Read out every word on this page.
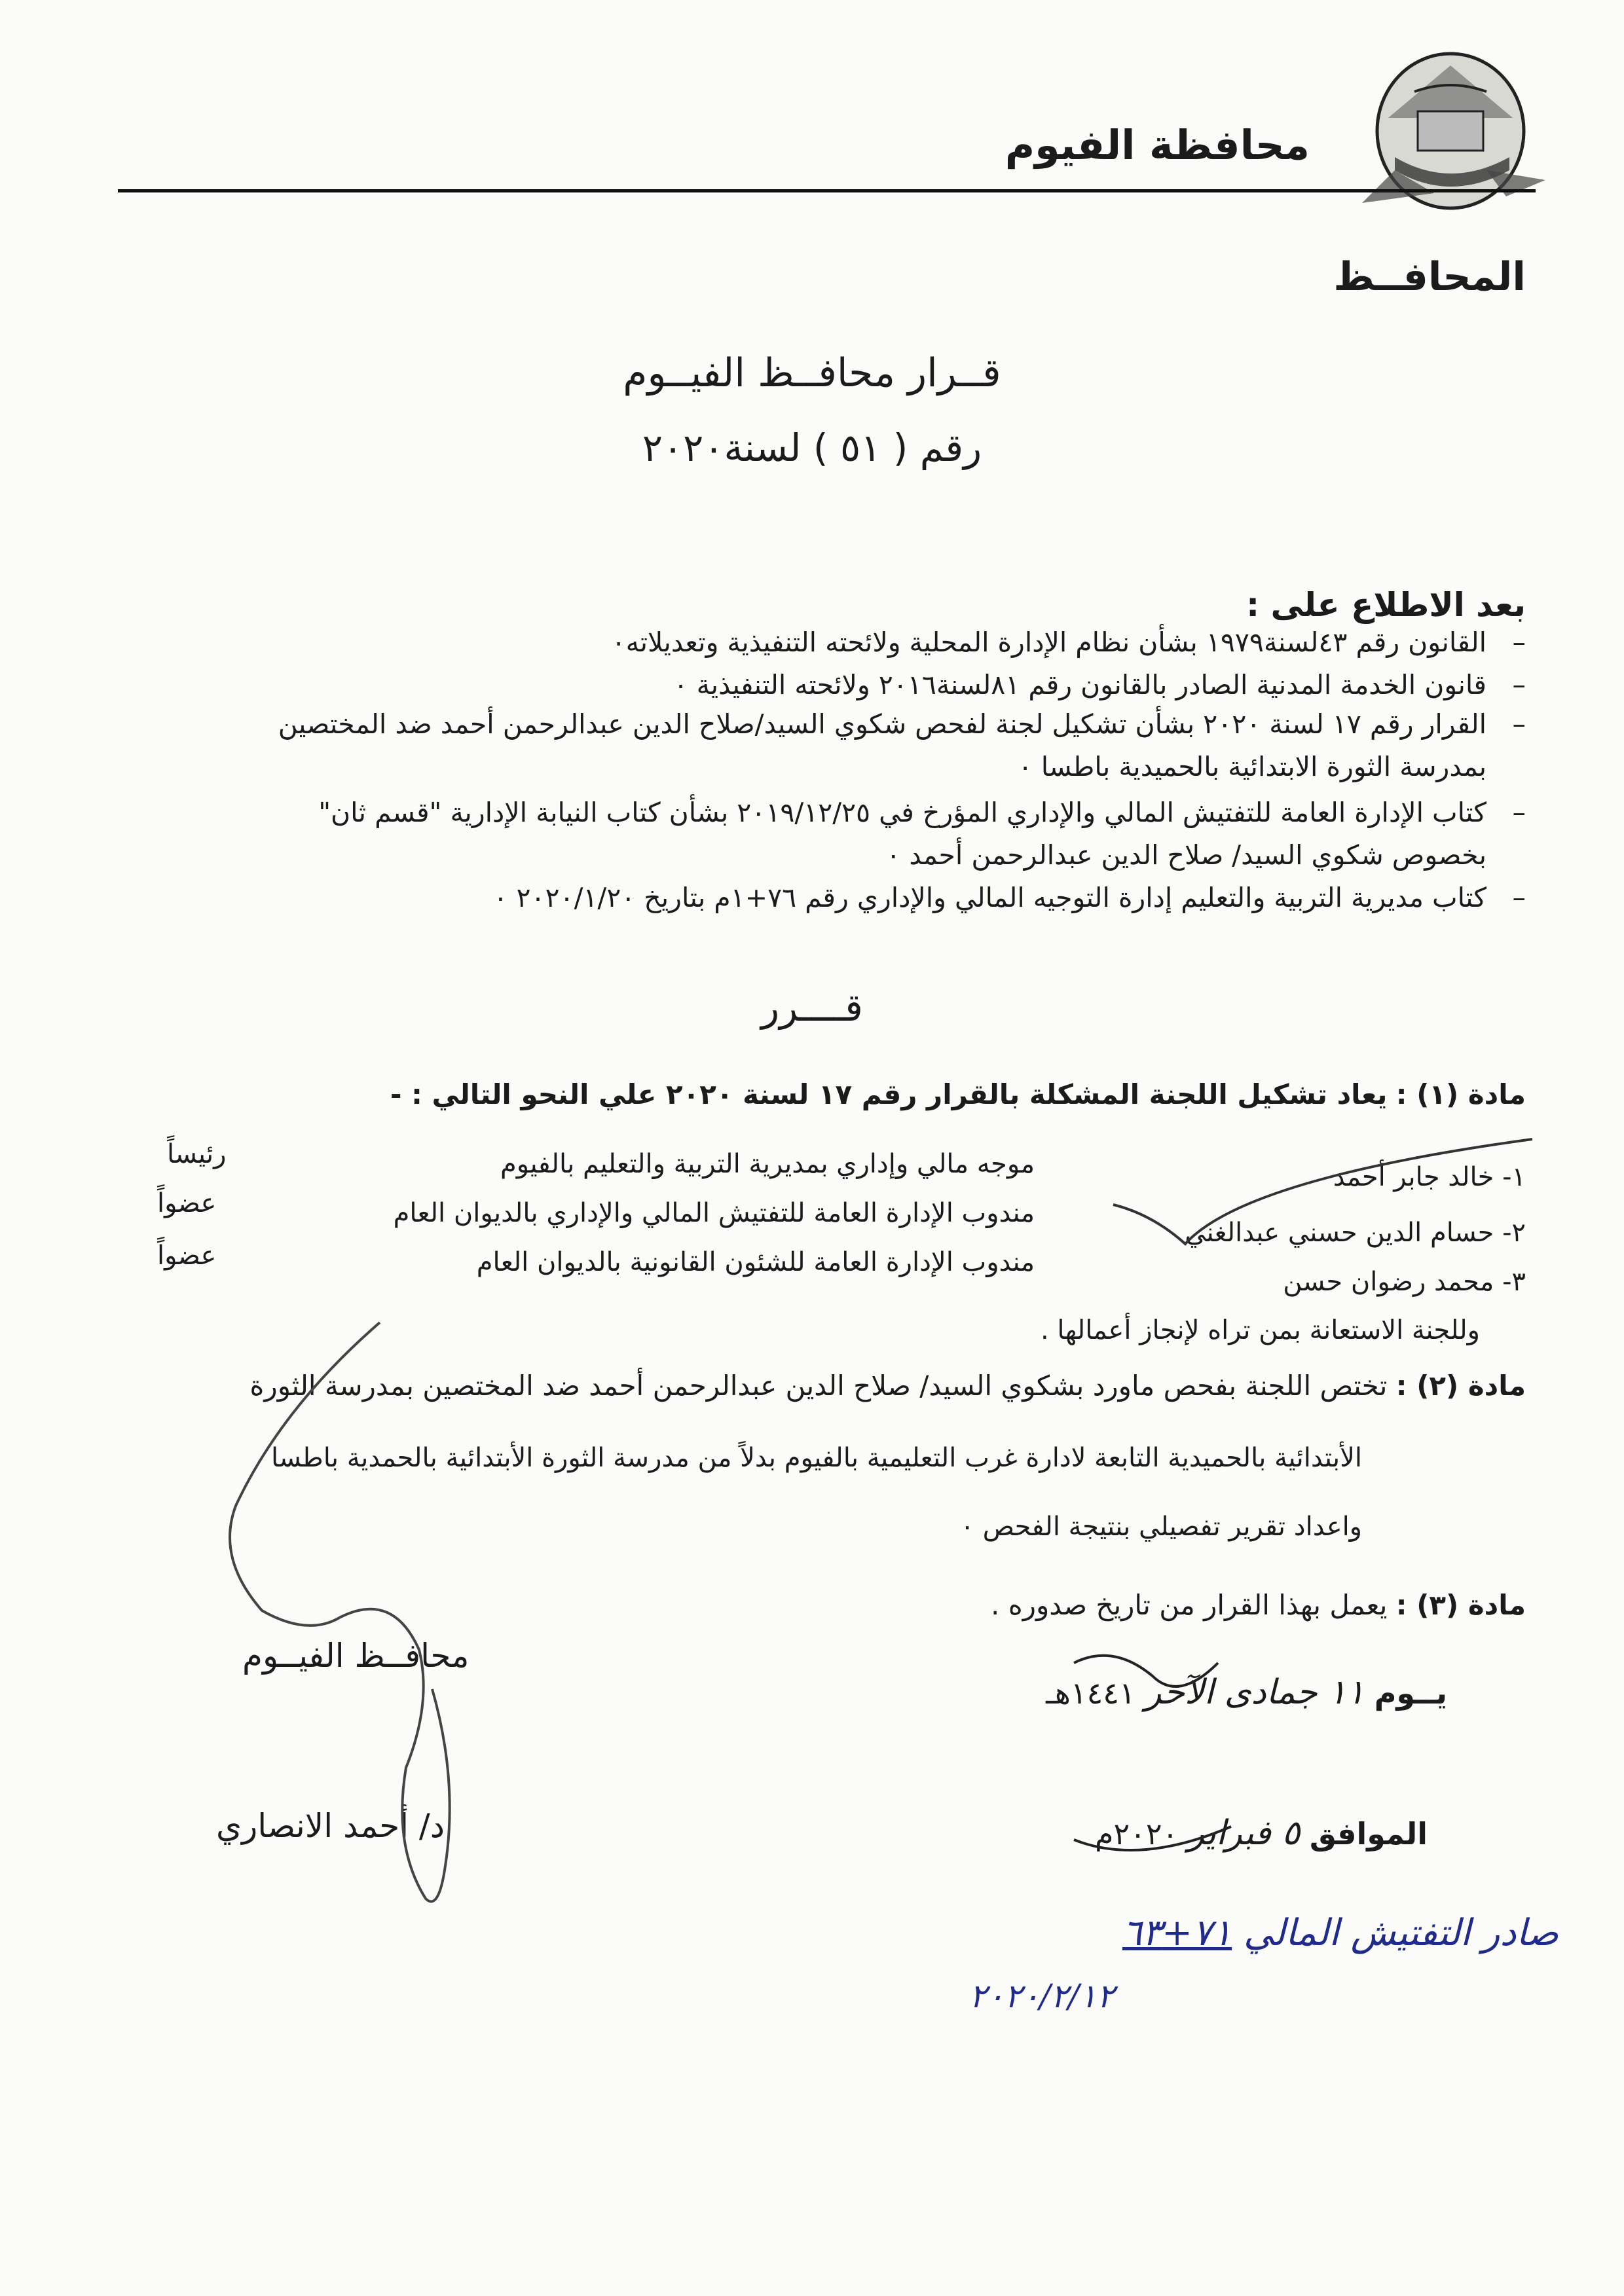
محافظة الفيوم
المحافــظ
قــرار محافــظ الفيــوم
رقم ( ٥١ ) لسنة٢٠٢٠
بعد الاطلاع على :
–القانون رقم ٤٣لسنة١٩٧٩ بشأن نظام الإدارة المحلية ولائحته التنفيذية وتعديلاته٠
–قانون الخدمة المدنية الصادر بالقانون رقم ٨١لسنة٢٠١٦ ولائحته التنفيذية ٠
–القرار رقم ١٧ لسنة ٢٠٢٠ بشأن تشكيل لجنة لفحص شكوي السيد/صلاح الدين عبدالرحمن أحمد ضد المختصين
بمدرسة الثورة الابتدائية بالحميدية باطسا ٠
–كتاب الإدارة العامة للتفتيش المالي والإداري المؤرخ في ٢٠١٩/١٢/٢٥ بشأن كتاب النيابة الإدارية "قسم ثان"
بخصوص شكوي السيد/ صلاح الدين عبدالرحمن أحمد ٠
–كتاب مديرية التربية والتعليم إدارة التوجيه المالي والإداري رقم ٧٦+١م بتاريخ ٢٠٢٠/١/٢٠ ٠
قــــرر
مادة (١) : يعاد تشكيل اللجنة المشكلة بالقرار رقم ١٧ لسنة ٢٠٢٠ علي النحو التالي : -
١- خالد جابر أحمد
موجه مالي وإداري بمديرية التربية والتعليم بالفيوم
رئيساً
٢- حسام الدين حسني عبدالغني
مندوب الإدارة العامة للتفتيش المالي والإداري بالديوان العام
عضواً
٣- محمد رضوان حسن
مندوب الإدارة العامة للشئون القانونية بالديوان العام
عضواً
وللجنة الاستعانة بمن تراه لإنجاز أعمالها .
مادة (٢) : تختص اللجنة بفحص ماورد بشكوي السيد/ صلاح الدين عبدالرحمن أحمد ضد المختصين بمدرسة الثورة
الأبتدائية بالحميدية التابعة لادارة غرب التعليمية بالفيوم بدلاً من مدرسة الثورة الأبتدائية بالحمدية باطسا
واعداد تقرير تفصيلي بنتيجة الفحص ٠
مادة (٣) : يعمل بهذا القرار من تاريخ صدوره .
يــوم ١١ جمادى الآخر ١٤٤١هـ
الموافق ٥ فبراير ٢٠٢٠م
محافــظ الفيــوم
د/ أحمد الانصاري
صادر التفتيش المالي ٧١+٦٣
٢٠٢٠/٢/١٢
